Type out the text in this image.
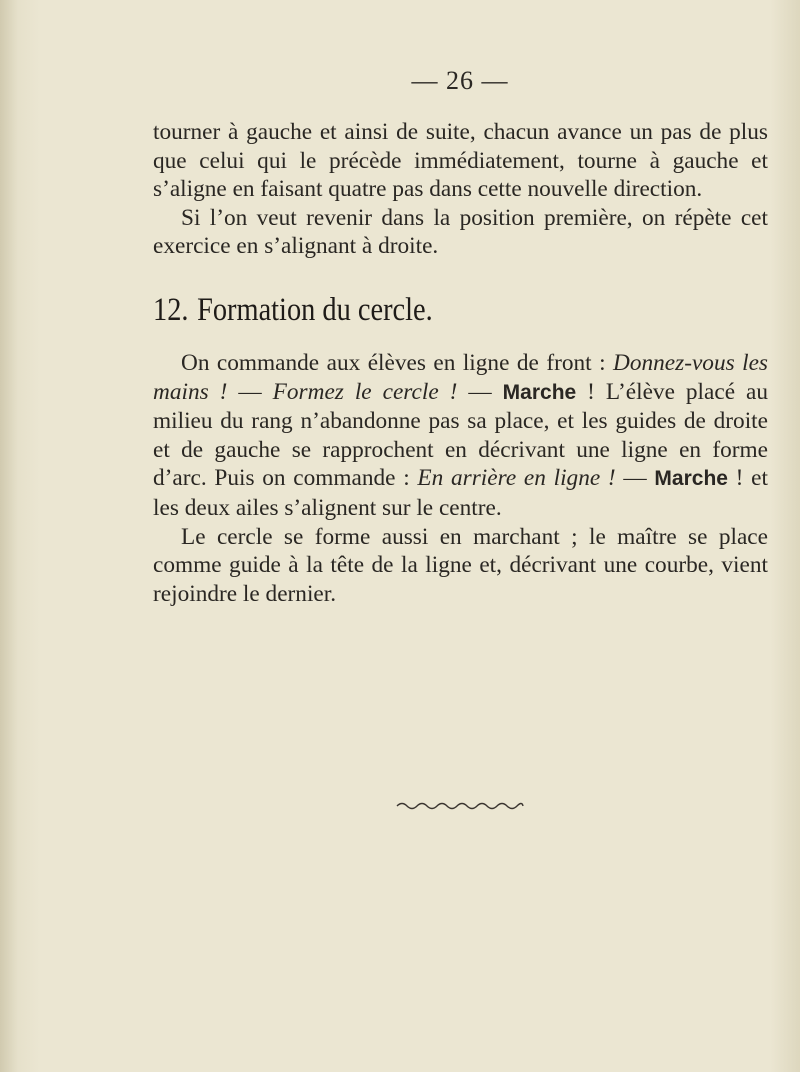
— 26 —

tourner à gauche et ainsi de suite, chacun avance un pas de plus que celui qui le précède immédiatement, tourne à gauche et s’aligne en faisant quatre pas dans cette nouvelle direction.

Si l’on veut revenir dans la position première, on répète cet exercice en s’alignant à droite.

12. Formation du cercle.

On commande aux élèves en ligne de front : Donnez-vous les mains ! — Formez le cercle ! — Marche ! L’élève placé au milieu du rang n’abandonne pas sa place, et les guides de droite et de gauche se rapprochent en décrivant une ligne en forme d’arc. Puis on commande : En arrière en ligne ! — Marche ! et les deux ailes s’alignent sur le centre.

Le cercle se forme aussi en marchant ; le maître se place comme guide à la tête de la ligne et, décrivant une courbe, vient rejoindre le dernier.
